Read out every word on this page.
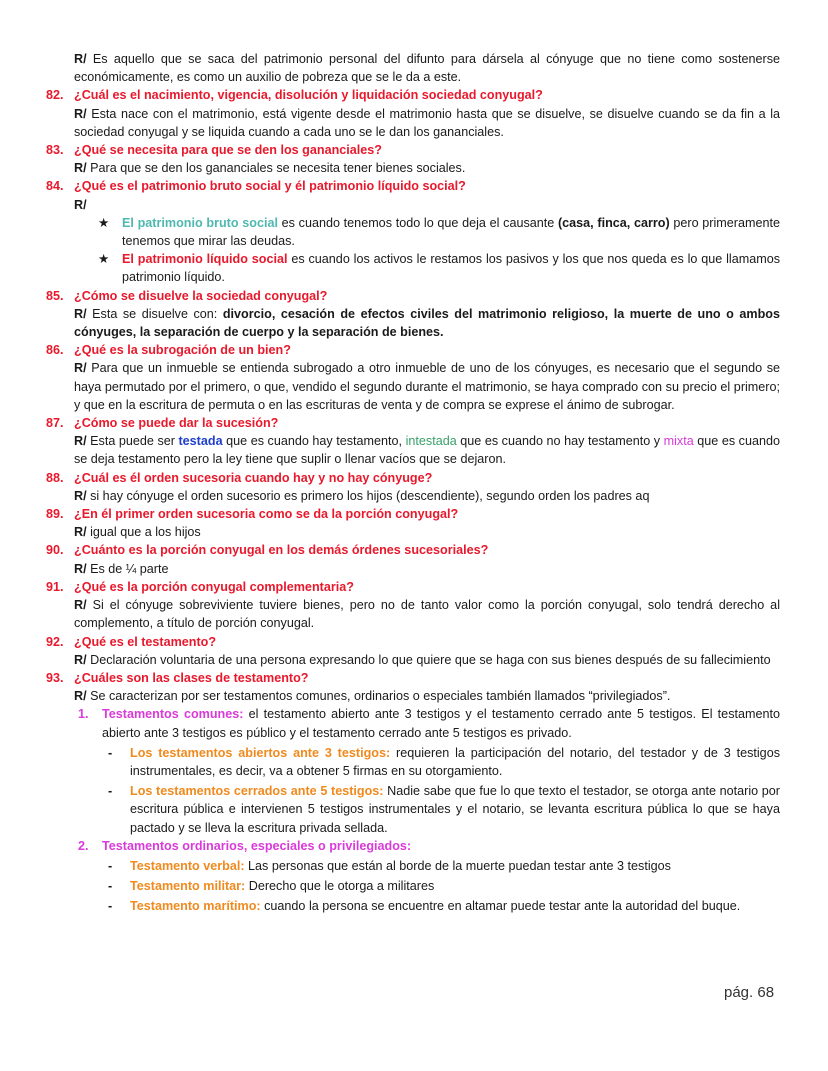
R/ Es aquello que se saca del patrimonio personal del difunto para dársela al cónyuge que no tiene como sostenerse económicamente, es como un auxilio de pobreza que se le da a este.

82. ¿Cuál es el nacimiento, vigencia, disolución y liquidación sociedad conyugal?

R/ Esta nace con el matrimonio, está vigente desde el matrimonio hasta que se disuelve, se disuelve cuando se da fin a la sociedad conyugal y se liquida cuando a cada uno se le dan los gananciales.

83. ¿Qué se necesita para que se den los gananciales?

R/ Para que se den los gananciales se necesita tener bienes sociales.

84. ¿Qué es el patrimonio bruto social y él patrimonio líquido social?

R/

★	El patrimonio bruto social es cuando tenemos todo lo que deja el causante (casa, finca, carro) pero primeramente tenemos que mirar las deudas.
★	El patrimonio líquido social es cuando los activos le restamos los pasivos y los que nos queda es lo que llamamos patrimonio líquido.
85. ¿Cómo se disuelve la sociedad conyugal?

R/ Esta se disuelve con: divorcio, cesación de efectos civiles del matrimonio religioso, la muerte de uno o ambos cónyuges, la separación de cuerpo y la separación de bienes.

86. ¿Qué es la subrogación de un bien?

R/ Para que un inmueble se entienda subrogado a otro inmueble de uno de los cónyuges, es necesario que el segundo se haya permutado por el primero, o que, vendido el segundo durante el matrimonio, se haya comprado con su precio el primero; y que en la escritura de permuta o en las escrituras de venta y de compra se exprese el ánimo de subrogar.

87. ¿Cómo se puede dar la sucesión?

R/ Esta puede ser testada que es cuando hay testamento, intestada que es cuando no hay testamento y mixta que es cuando se deja testamento pero la ley tiene que suplir o llenar vacíos que se dejaron.

88. ¿Cuál es él orden sucesoria cuando hay y no hay cónyuge?

R/ si hay cónyuge el orden sucesorio es primero los hijos (descendiente), segundo orden los padres aq

89. ¿En él primer orden sucesoria como se da la porción conyugal?

R/ igual que a los hijos

90. ¿Cuánto es la porción conyugal en los demás órdenes sucesoriales?

R/ Es de ¼ parte

91. ¿Qué es la porción conyugal complementaria?

R/ Si el cónyuge sobreviviente tuviere bienes, pero no de tanto valor como la porción conyugal, solo tendrá derecho al complemento, a título de porción conyugal.

92. ¿Qué es el testamento?

R/ Declaración voluntaria de una persona expresando lo que quiere que se haga con sus bienes después de su fallecimiento

93. ¿Cuáles son las clases de testamento?

R/ Se caracterizan por ser testamentos comunes, ordinarios o especiales también llamados “privilegiados”.

1.	Testamentos comunes: el testamento abierto ante 3 testigos y el testamento cerrado ante 5 testigos. El testamento abierto ante 3 testigos es público y el testamento cerrado ante 5 testigos es privado.
-	Los testamentos abiertos ante 3 testigos: requieren la participación del notario, del testador y de 3 testigos instrumentales, es decir, va a obtener 5 firmas en su otorgamiento.
-	Los testamentos cerrados ante 5 testigos: Nadie sabe que fue lo que texto el testador, se otorga ante notario por escritura pública e intervienen 5 testigos instrumentales y el notario, se levanta escritura pública lo que se haya pactado y se lleva la escritura privada sellada.
2.	Testamentos ordinarios, especiales o privilegiados:
-	Testamento verbal: Las personas que están al borde de la muerte puedan testar ante 3 testigos
-	Testamento militar: Derecho que le otorga a militares
-	Testamento marítimo: cuando la persona se encuentre en altamar puede testar ante la autoridad del buque.
pág. 68
